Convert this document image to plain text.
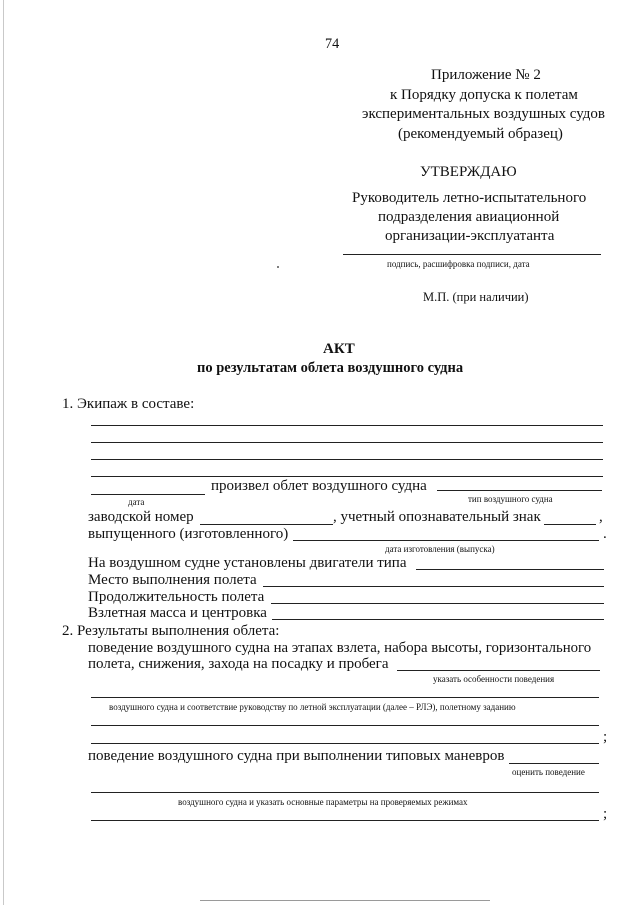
74
Приложение № 2
к Порядку допуска к полетам
экспериментальных воздушных судов
(рекомендуемый образец)
УТВЕРЖДАЮ
Руководитель летно-испытательного
подразделения авиационной
организации-эксплуатанта
подпись, расшифровка подписи, дата
М.П. (при наличии)
АКТ
по результатам облета воздушного судна
1. Экипаж в составе:
произвел облет воздушного судна
дата	тип воздушного судна
заводской номер	, учетный опознавательный знак	,
выпущенного (изготовленного)	.
дата изготовления (выпуска)
На воздушном судне установлены двигатели типа
Место выполнения полета
Продолжительность полета
Взлетная масса и центровка
2. Результаты выполнения облета:
поведение воздушного судна на этапах взлета, набора высоты, горизонтального
полета, снижения, захода на посадку и пробега
указать особенности поведения
воздушного судна и соответствие руководству по летной эксплуатации (далее – РЛЭ), полетному заданию
;
поведение воздушного судна при выполнении типовых маневров
оценить поведение
воздушного судна и указать основные параметры на проверяемых режимах
;
